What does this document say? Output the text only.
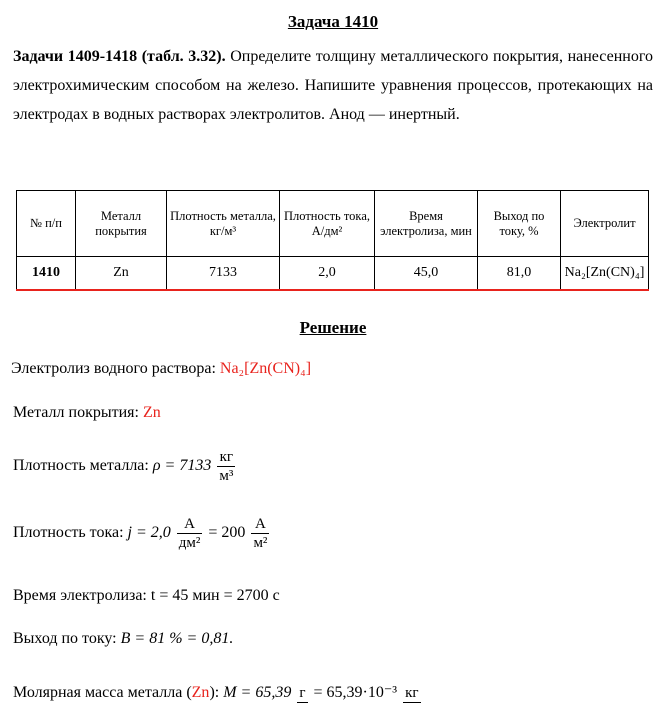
Задача 1410
Задачи 1409-1418 (табл. 3.32). Определите толщину металлического покрытия, нанесенного электрохимическим способом на железо. Напишите уравнения процессов, протекающих на электродах в водных растворах электролитов. Анод — инертный.
№ п/п	Металл покрытия	Плотность металла, кг/м³	Плотность тока, А/дм²	Время электролиза, мин	Выход по току, %	Электролит
1410	Zn	7133	2,0	45,0	81,0	Na₂[Zn(CN)₄]
Решение
Электролиз водного раствора: Na₂[Zn(CN)₄]
Металл покрытия: Zn
Плотность металла: $\rho = 7133 \frac{кг}{\text{м³}}$
Плотность тока: $j = 2,0 \frac{А}{\text{дм²}} = 200 \frac{А}{\text{м²}}$
Время электролиза: t = 45 мин = 2700 с
Выход по току: B = 81 % = 0,81.
Молярная масса металла (Zn): M = 65,39 г = 65,39·10⁻³ кг
